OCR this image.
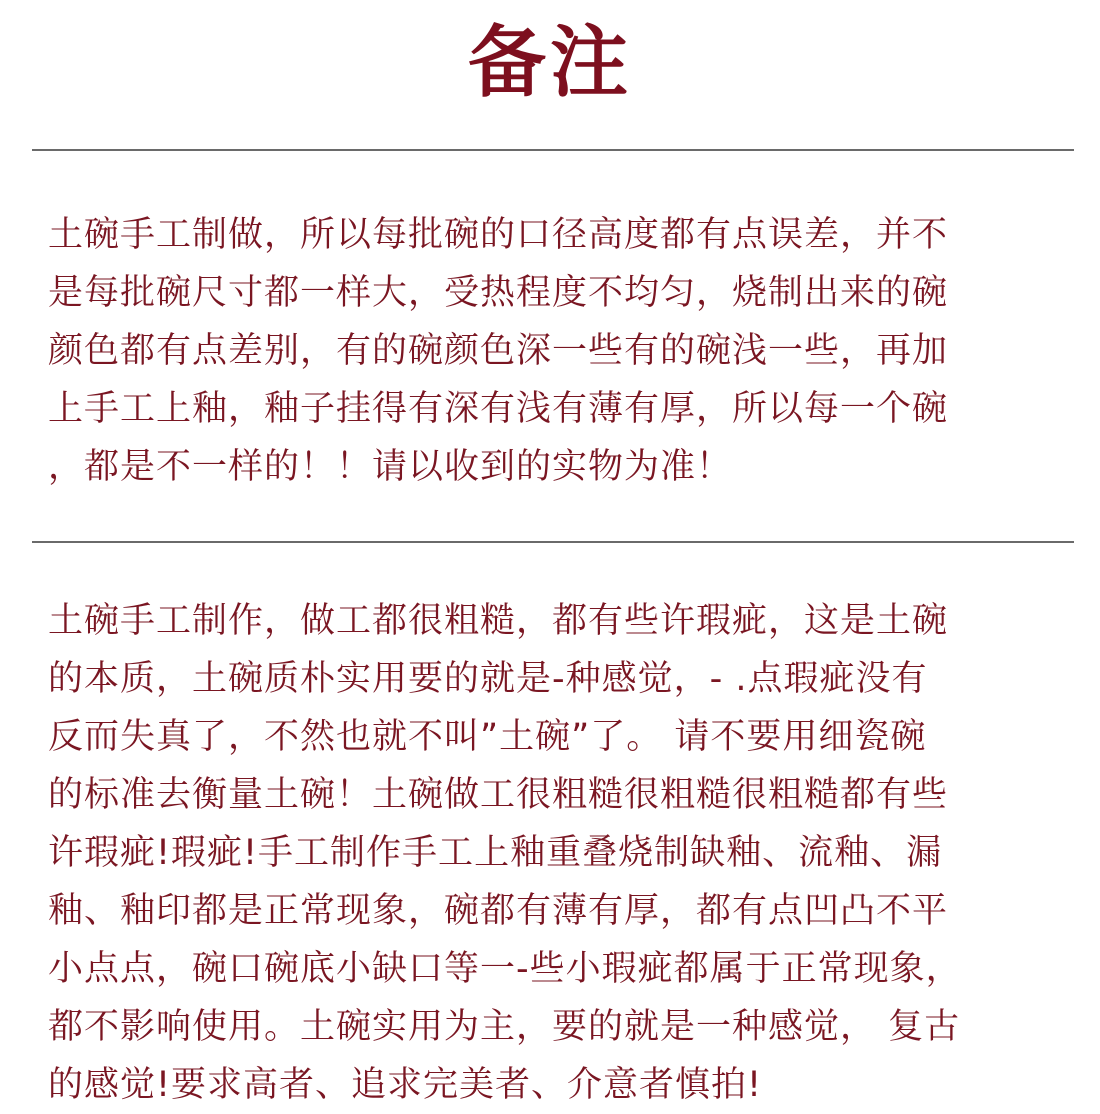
备注

土碗手工制做，所以每批碗的口径高度都有点误差，并不
是每批碗尺寸都一样大，受热程度不均匀，烧制出来的碗
颜色都有点差别，有的碗颜色深一些有的碗浅一些，再加
上手工上釉，釉子挂得有深有浅有薄有厚，所以每一个碗
，都是不一样的！！请以收到的实物为准！

土碗手工制作，做工都很粗糙，都有些许瑕疵，这是土碗
的本质，土碗质朴实用要的就是-种感觉，- .点瑕疵没有
反而失真了，不然也就不叫”土碗”了。 请不要用细瓷碗
的标准去衡量土碗！土碗做工很粗糙很粗糙很粗糙都有些
许瑕疵!瑕疵!手工制作手工上釉重叠烧制缺釉、流釉、漏
釉、釉印都是正常现象，碗都有薄有厚，都有点凹凸不平
小点点，碗口碗底小缺口等一-些小瑕疵都属于正常现象，
都不影响使用。土碗实用为主，要的就是一种感觉， 复古
的感觉!要求高者、追求完美者、介意者慎拍!
